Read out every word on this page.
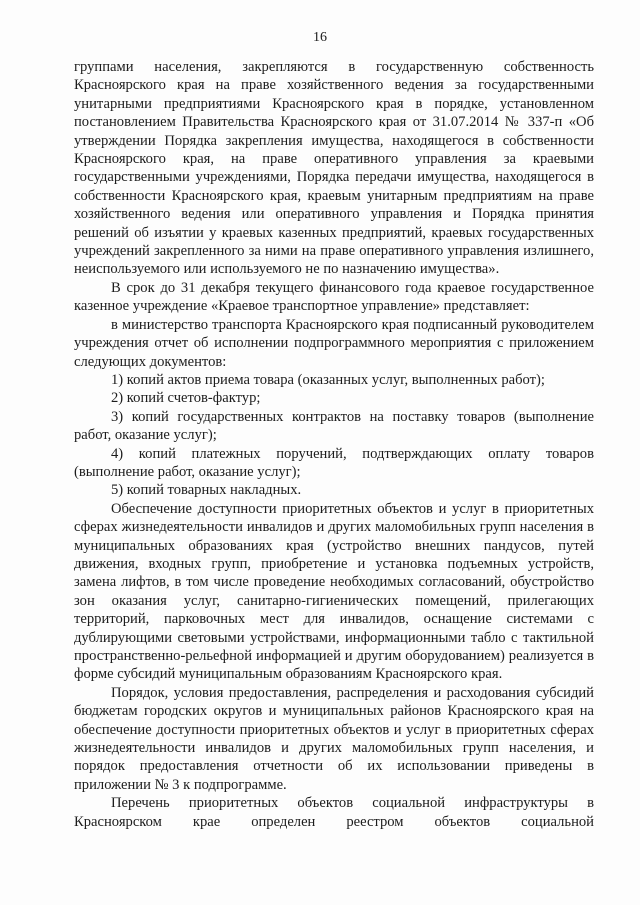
16

группами населения, закрепляются в государственную собственность Красноярского края на праве хозяйственного ведения за государственными унитарными предприятиями Красноярского края в порядке, установленном постановлением Правительства Красноярского края от 31.07.2014 № 337-п «Об утверждении Порядка закрепления имущества, находящегося в собственности Красноярского края, на праве оперативного управления за краевыми государственными учреждениями, Порядка передачи имущества, находящегося в собственности Красноярского края, краевым унитарным предприятиям на праве хозяйственного ведения или оперативного управления и Порядка принятия решений об изъятии у краевых казенных предприятий, краевых государственных учреждений закрепленного за ними на праве оперативного управления излишнего, неиспользуемого или используемого не по назначению имущества».

В срок до 31 декабря текущего финансового года краевое государственное казенное учреждение «Краевое транспортное управление» представляет:

в министерство транспорта Красноярского края подписанный руководителем учреждения отчет об исполнении подпрограммного мероприятия с приложением следующих документов:

1) копий актов приема товара (оказанных услуг, выполненных работ);

2) копий счетов-фактур;

3) копий государственных контрактов на поставку товаров (выполнение работ, оказание услуг);

4) копий платежных поручений, подтверждающих оплату товаров (выполнение работ, оказание услуг);

5) копий товарных накладных.

Обеспечение доступности приоритетных объектов и услуг в приоритетных сферах жизнедеятельности инвалидов и других маломобильных групп населения в муниципальных образованиях края (устройство внешних пандусов, путей движения, входных групп, приобретение и установка подъемных устройств, замена лифтов, в том числе проведение необходимых согласований, обустройство зон оказания услуг, санитарно-гигиенических помещений, прилегающих территорий, парковочных мест для инвалидов, оснащение системами с дублирующими световыми устройствами, информационными табло с тактильной пространственно-рельефной информацией и другим оборудованием) реализуется в форме субсидий муниципальным образованиям Красноярского края.

Порядок, условия предоставления, распределения и расходования субсидий бюджетам городских округов и муниципальных районов Красноярского края на обеспечение доступности приоритетных объектов и услуг в приоритетных сферах жизнедеятельности инвалидов и других маломобильных групп населения, и порядок предоставления отчетности об их использовании приведены в приложении № 3 к подпрограмме.

Перечень приоритетных объектов социальной инфраструктуры в Красноярском крае определен реестром объектов социальной
